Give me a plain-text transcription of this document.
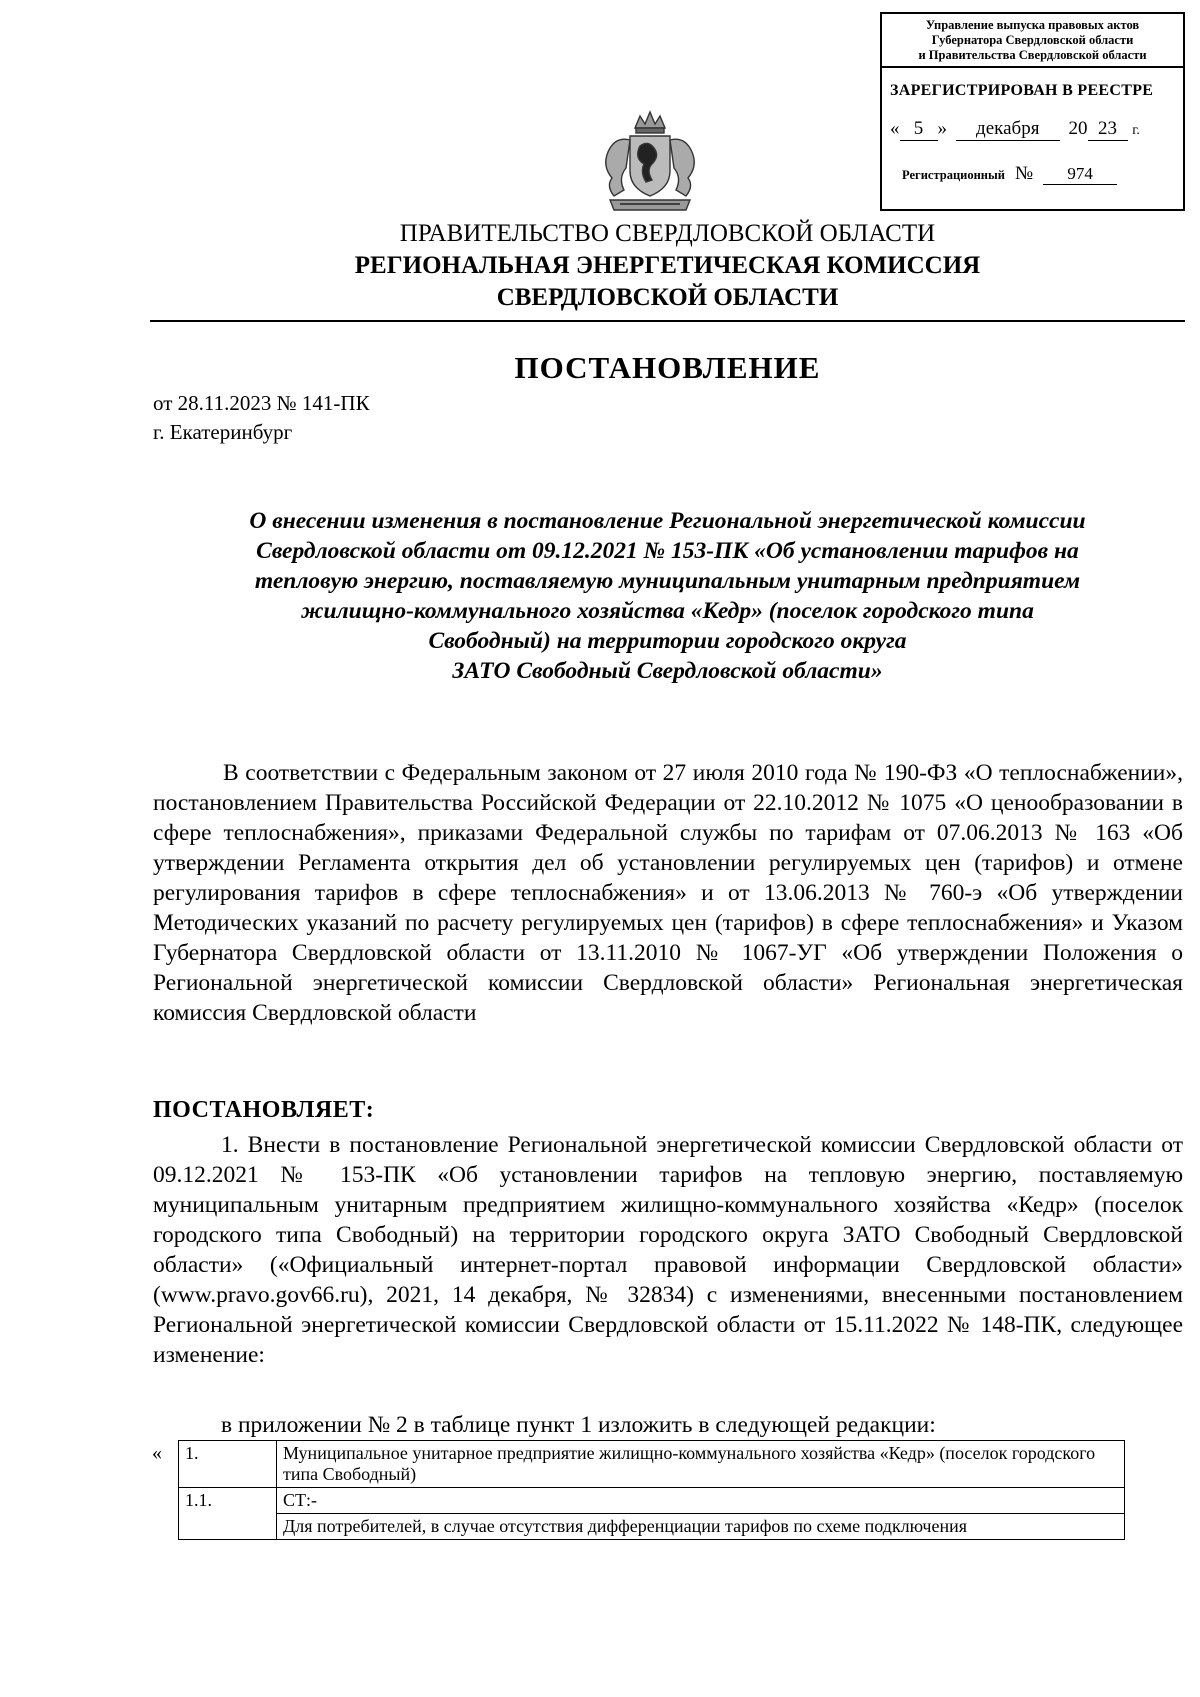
Управление выпуска правовых актов
Губернатора Свердловской области
и Правительства Свердловской области
ЗАРЕГИСТРИРОВАН В РЕЕСТРЕ
« 5 » декабря 20 23 г.
Регистрационный № 974
ПРАВИТЕЛЬСТВО СВЕРДЛОВСКОЙ ОБЛАСТИ
РЕГИОНАЛЬНАЯ ЭНЕРГЕТИЧЕСКАЯ КОМИССИЯ
СВЕРДЛОВСКОЙ ОБЛАСТИ
ПОСТАНОВЛЕНИЕ
от 28.11.2023 № 141-ПК
г. Екатеринбург
О внесении изменения в постановление Региональной энергетической комиссии
Свердловской области от 09.12.2021 № 153-ПК «Об установлении тарифов на
тепловую энергию, поставляемую муниципальным унитарным предприятием
жилищно-коммунального хозяйства «Кедр» (поселок городского типа
Свободный) на территории городского округа
ЗАТО Свободный Свердловской области»
В соответствии с Федеральным законом от 27 июля 2010 года № 190-ФЗ «О теплоснабжении», постановлением Правительства Российской Федерации от 22.10.2012 № 1075 «О ценообразовании в сфере теплоснабжения», приказами Федеральной службы по тарифам от 07.06.2013 № 163 «Об утверждении Регламента открытия дел об установлении регулируемых цен (тарифов) и отмене регулирования тарифов в сфере теплоснабжения» и от 13.06.2013 № 760-э «Об утверждении Методических указаний по расчету регулируемых цен (тарифов) в сфере теплоснабжения» и Указом Губернатора Свердловской области от 13.11.2010 № 1067-УГ «Об утверждении Положения о Региональной энергетической комиссии Свердловской области» Региональная энергетическая комиссия Свердловской области
ПОСТАНОВЛЯЕТ:
1. Внести в постановление Региональной энергетической комиссии Свердловской области от 09.12.2021 № 153-ПК «Об установлении тарифов на тепловую энергию, поставляемую муниципальным унитарным предприятием жилищно-коммунального хозяйства «Кедр» (поселок городского типа Свободный) на территории городского округа ЗАТО Свободный Свердловской области» («Официальный интернет-портал правовой информации Свердловской области» (www.pravo.gov66.ru), 2021, 14 декабря, № 32834) с изменениями, внесенными постановлением Региональной энергетической комиссии Свердловской области от 15.11.2022 № 148-ПК, следующее изменение:
в приложении № 2 в таблице пункт 1 изложить в следующей редакции:
« 1.	Муниципальное унитарное предприятие жилищно-коммунального хозяйства «Кедр» (поселок городского типа Свободный)
1.1.	СТ:-
	Для потребителей, в случае отсутствия дифференциации тарифов по схеме подключения
